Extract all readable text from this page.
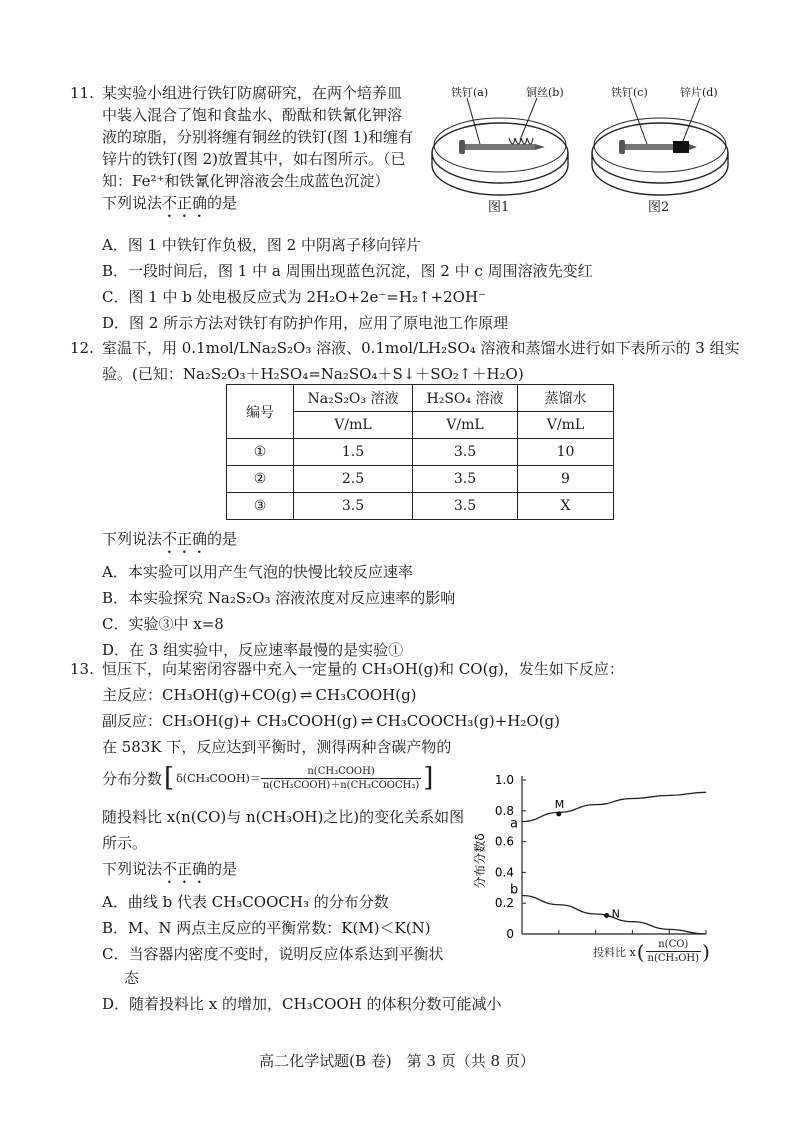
11. 某实验小组进行铁钉防腐研究，在两个培养皿
中装入混合了饱和食盐水、酚酞和铁氰化钾溶
液的琼脂，分别将缠有铜丝的铁钉(图 1)和缠有
锌片的铁钉(图 2)放置其中，如右图所示。（已
知：Fe²⁺和铁氰化钾溶液会生成蓝色沉淀）
下列说法不正确的是
铁钉(a)	铜丝(b)	铁钉(c)	锌片(d)
图1	图2
A．图 1 中铁钉作负极，图 2 中阴离子移向锌片
B．一段时间后，图 1 中 a 周围出现蓝色沉淀，图 2 中 c 周围溶液先变红
C．图 1 中 b 处电极反应式为 2H₂O+2e⁻=H₂↑+2OH⁻
D．图 2 所示方法对铁钉有防护作用，应用了原电池工作原理
12. 室温下，用 0.1mol/LNa₂S₂O₃ 溶液、0.1mol/LH₂SO₄ 溶液和蒸馏水进行如下表所示的 3 组实
验。(已知：Na₂S₂O₃＋H₂SO₄=Na₂SO₄＋S↓＋SO₂↑＋H₂O)
编号	Na₂S₂O₃ 溶液	H₂SO₄ 溶液	蒸馏水
	V/mL	V/mL	V/mL
①	1.5	3.5	10
②	2.5	3.5	9
③	3.5	3.5	X
下列说法不正确的是
A．本实验可以用产生气泡的快慢比较反应速率
B．本实验探究 Na₂S₂O₃ 溶液浓度对反应速率的影响
C．实验③中 x=8
D．在 3 组实验中，反应速率最慢的是实验①
13. 恒压下，向某密闭容器中充入一定量的 CH₃OH(g)和 CO(g)，发生如下反应：
主反应：CH₃OH(g)+CO(g) ⇌ CH₃COOH(g)
副反应：CH₃OH(g)+ CH₃COOH(g) ⇌ CH₃COOCH₃(g)+H₂O(g)
在 583K 下，反应达到平衡时，测得两种含碳产物的
分布分数 [ δ(CH₃COOH)＝ $\frac{\text{n(CH₃COOH)}}{\text{n(CH₃COOH)＋n(CH₃COOCH₃)}}$ ]
随投料比 x(n(CO)与 n(CH₃OH)之比)的变化关系如图
所示。
下列说法不正确的是
A．曲线 b 代表 CH₃COOCH₃ 的分布分数
B．M、N 两点主反应的平衡常数：K(M)＜K(N)
C．当容器内密度不变时，说明反应体系达到平衡状
态
D．随着投料比 x 的增加，CH₃COOH 的体积分数可能减小
分布分数δ
0
0.2
0.4
0.6
0.8
1.0
a
b
M
N
投料比 x ( $\frac{n(CO)}{\text{n(CH₃OH)}}$ )
高二化学试题(B 卷)　第 3 页（共 8 页）
